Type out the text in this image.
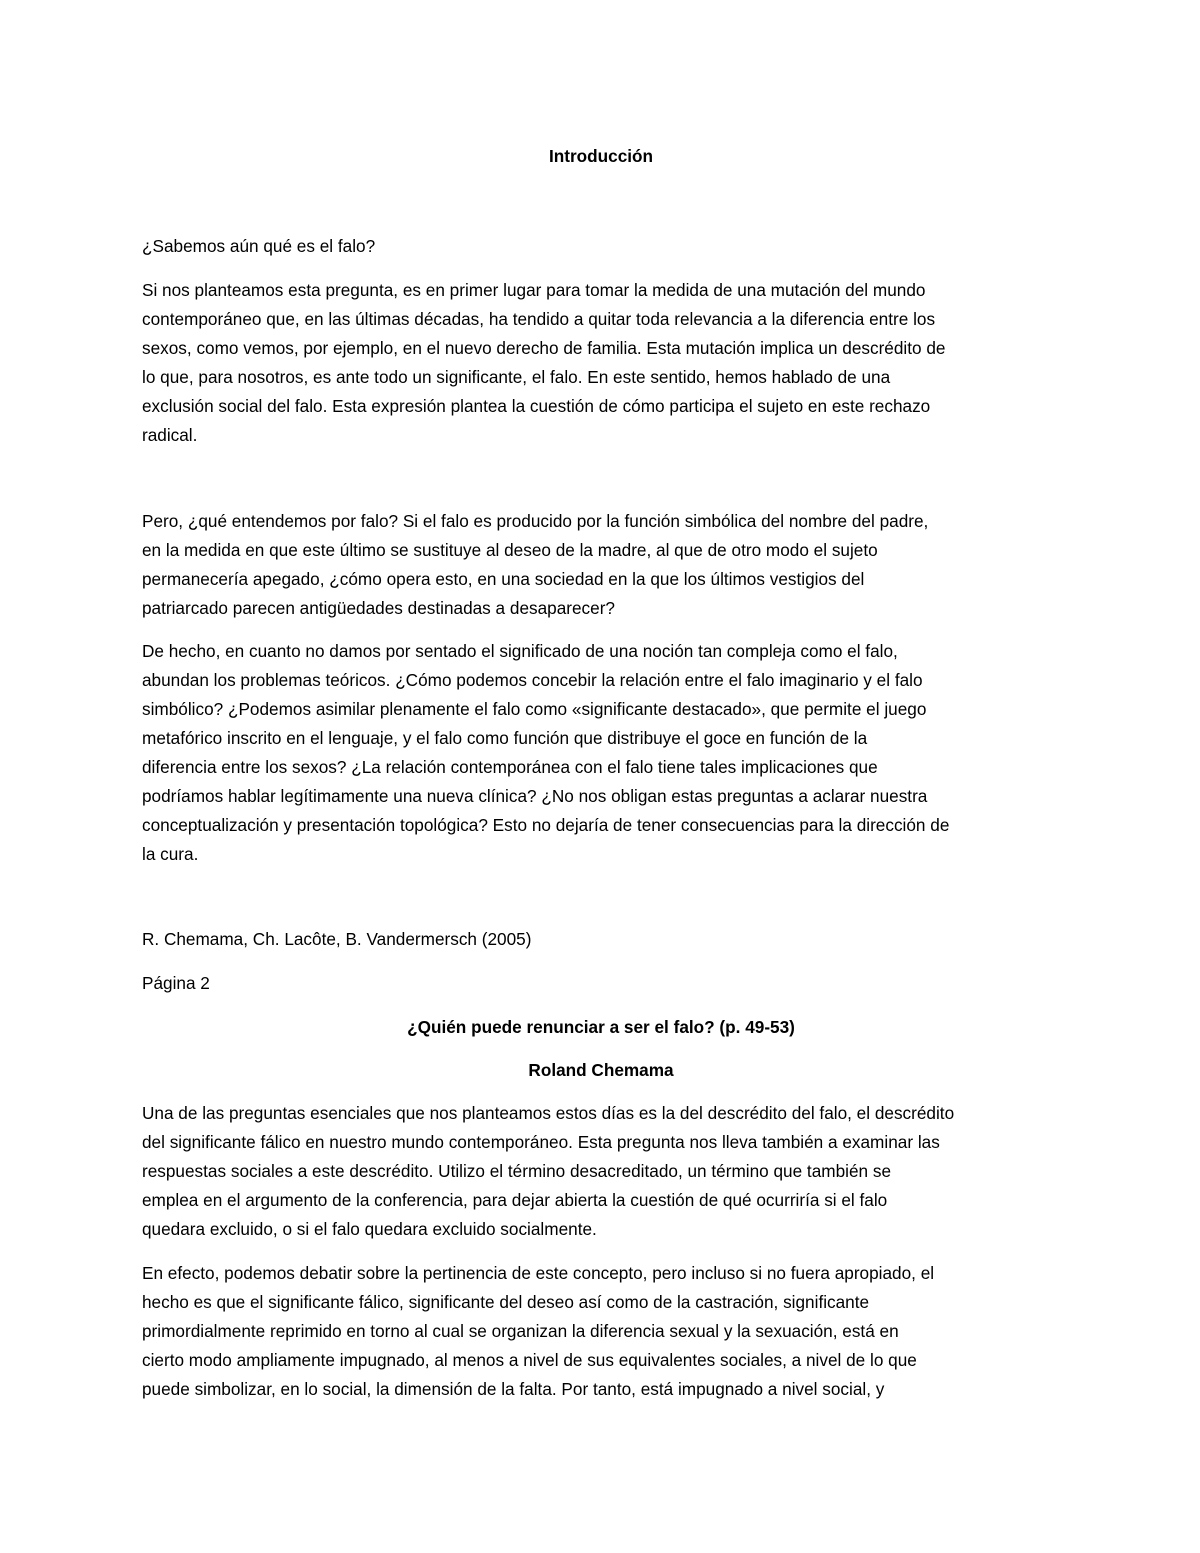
Introducción
¿Sabemos aún qué es el falo?
Si nos planteamos esta pregunta, es en primer lugar para tomar la medida de una mutación del mundo
contemporáneo que, en las últimas décadas, ha tendido a quitar toda relevancia a la diferencia entre los
sexos, como vemos, por ejemplo, en el nuevo derecho de familia. Esta mutación implica un descrédito de
lo que, para nosotros, es ante todo un significante, el falo. En este sentido, hemos hablado de una
exclusión social del falo. Esta expresión plantea la cuestión de cómo participa el sujeto en este rechazo
radical.
Pero, ¿qué entendemos por falo? Si el falo es producido por la función simbólica del nombre del padre,
en la medida en que este último se sustituye al deseo de la madre, al que de otro modo el sujeto
permanecería apegado, ¿cómo opera esto, en una sociedad en la que los últimos vestigios del
patriarcado parecen antigüedades destinadas a desaparecer?
De hecho, en cuanto no damos por sentado el significado de una noción tan compleja como el falo,
abundan los problemas teóricos. ¿Cómo podemos concebir la relación entre el falo imaginario y el falo
simbólico? ¿Podemos asimilar plenamente el falo como «significante destacado», que permite el juego
metafórico inscrito en el lenguaje, y el falo como función que distribuye el goce en función de la
diferencia entre los sexos? ¿La relación contemporánea con el falo tiene tales implicaciones que
podríamos hablar legítimamente una nueva clínica? ¿No nos obligan estas preguntas a aclarar nuestra
conceptualización y presentación topológica? Esto no dejaría de tener consecuencias para la dirección de
la cura.
R. Chemama, Ch. Lacôte, B. Vandermersch (2005)
Página 2
¿Quién puede renunciar a ser el falo? (p. 49-53)
Roland Chemama
Una de las preguntas esenciales que nos planteamos estos días es la del descrédito del falo, el descrédito
del significante fálico en nuestro mundo contemporáneo. Esta pregunta nos lleva también a examinar las
respuestas sociales a este descrédito. Utilizo el término desacreditado, un término que también se
emplea en el argumento de la conferencia, para dejar abierta la cuestión de qué ocurriría si el falo
quedara excluido, o si el falo quedara excluido socialmente.
En efecto, podemos debatir sobre la pertinencia de este concepto, pero incluso si no fuera apropiado, el
hecho es que el significante fálico, significante del deseo así como de la castración, significante
primordialmente reprimido en torno al cual se organizan la diferencia sexual y la sexuación, está en
cierto modo ampliamente impugnado, al menos a nivel de sus equivalentes sociales, a nivel de lo que
puede simbolizar, en lo social, la dimensión de la falta. Por tanto, está impugnado a nivel social, y
